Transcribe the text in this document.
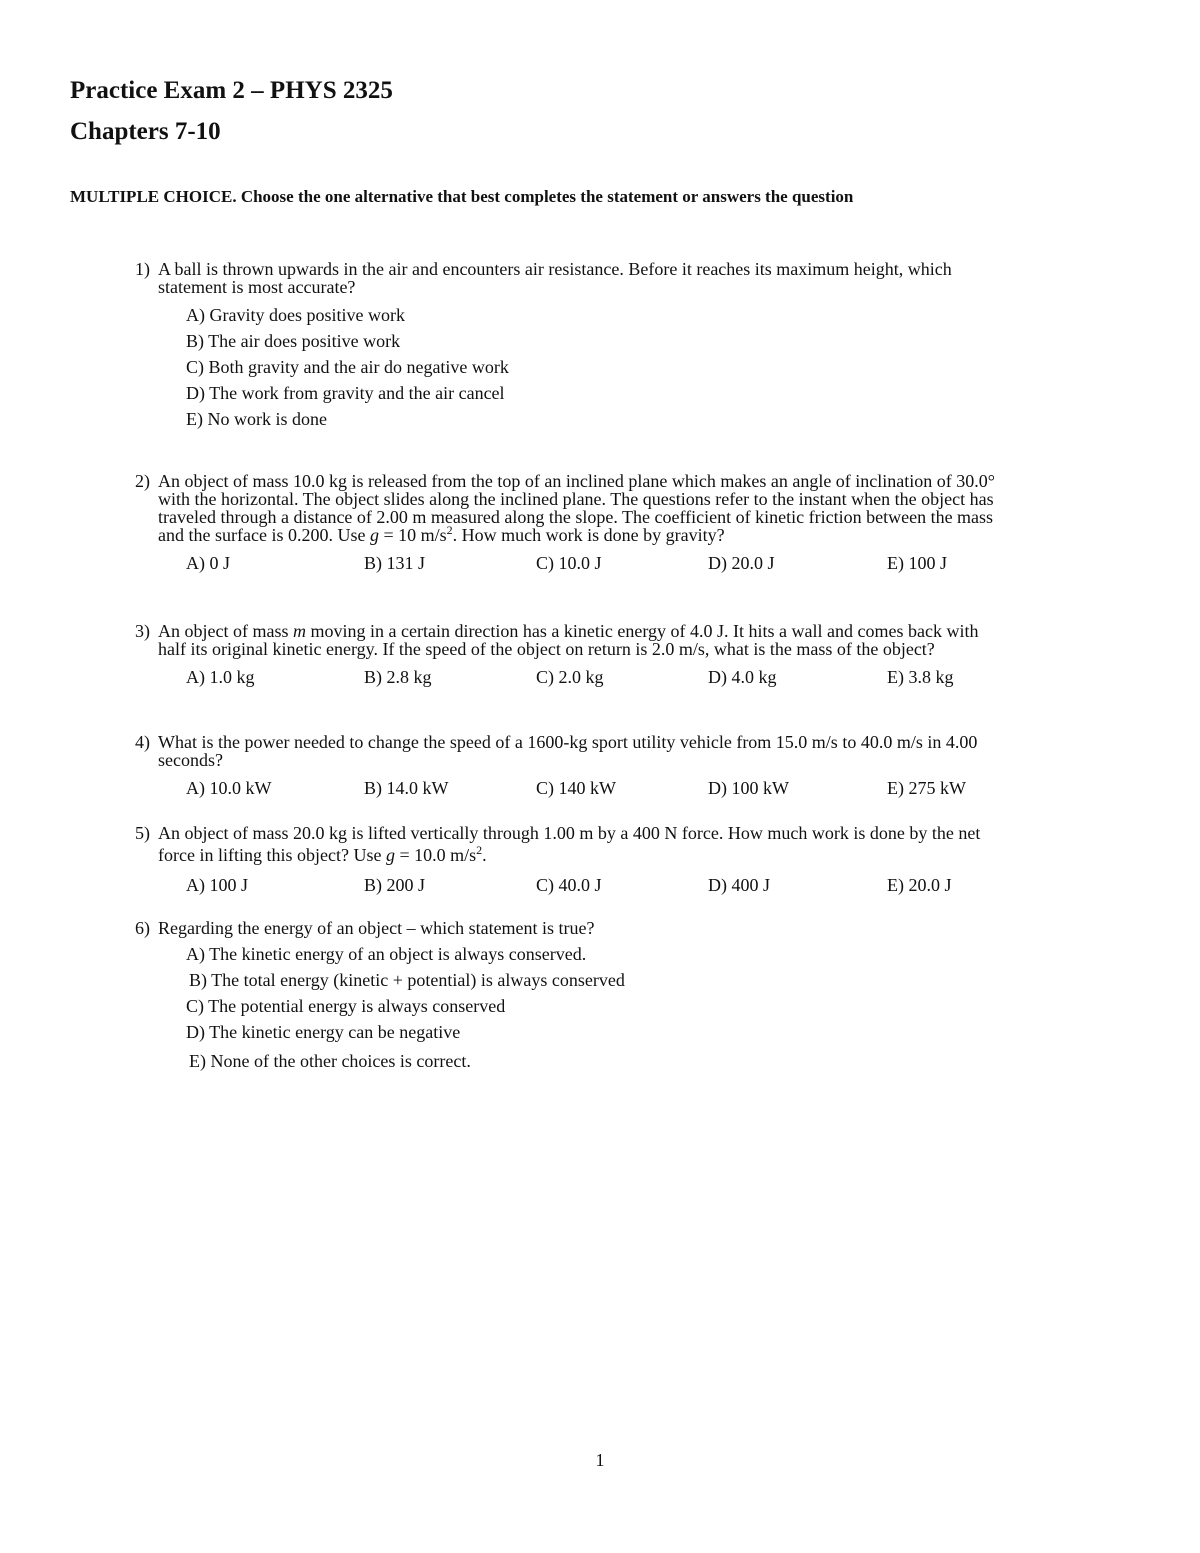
Practice Exam 2 – PHYS 2325
Chapters 7-10
MULTIPLE CHOICE. Choose the one alternative that best completes the statement or answers the question
1) A ball is thrown upwards in the air and encounters air resistance. Before it reaches its maximum height, which statement is most accurate?
A) Gravity does positive work
B) The air does positive work
C) Both gravity and the air do negative work
D) The work from gravity and the air cancel
E) No work is done
2) An object of mass 10.0 kg is released from the top of an inclined plane which makes an angle of inclination of 30.0° with the horizontal. The object slides along the inclined plane. The questions refer to the instant when the object has traveled through a distance of 2.00 m measured along the slope. The coefficient of kinetic friction between the mass and the surface is 0.200. Use g = 10 $m/s^2$. How much work is done by gravity?
A) 0 J	B) 131 J	C) 10.0 J	D) 20.0 J	E) 100 J
3) An object of mass m moving in a certain direction has a kinetic energy of 4.0 J. It hits a wall and comes back with half its original kinetic energy. If the speed of the object on return is 2.0 m/s, what is the mass of the object?
A) 1.0 kg	B) 2.8 kg	C) 2.0 kg	D) 4.0 kg	E) 3.8 kg
4) What is the power needed to change the speed of a 1600-kg sport utility vehicle from 15.0 m/s to 40.0 m/s in 4.00 seconds?
A) 10.0 kW	B) 14.0 kW	C) 140 kW	D) 100 kW	E) 275 kW
5) An object of mass 20.0 kg is lifted vertically through 1.00 m by a 400 N force. How much work is done by the net force in lifting this object? Use g = 10.0 $m/s^2$.
A) 100 J	B) 200 J	C) 40.0 J	D) 400 J	E) 20.0 J
6) Regarding the energy of an object – which statement is true?
A) The kinetic energy of an object is always conserved.
B) The total energy (kinetic + potential) is always conserved
C) The potential energy is always conserved
D) The kinetic energy can be negative
E) None of the other choices is correct.
1
